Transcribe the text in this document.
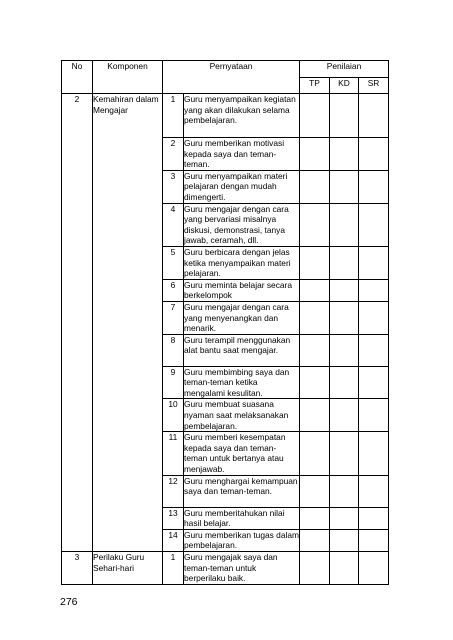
No	Komponen	Pernyataan		Penilaian		
				TP	KD	SR
2	Kemahiran dalam Mengajar	1	Guru menyampaikan kegiatan yang akan dilakukan selama pembelajaran.			
		2	Guru memberikan motivasi kepada saya dan teman-teman.			
		3	Guru menyampaikan materi pelajaran dengan mudah dimengerti.			
		4	Guru mengajar dengan cara yang bervariasi misalnya diskusi, demonstrasi, tanya jawab, ceramah, dll.			
		5	Guru berbicara dengan jelas ketika menyampaikan materi pelajaran.			
		6	Guru meminta belajar secara berkelompok			
		7	Guru mengajar dengan cara yang menyenangkan dan menarik.			
		8	Guru terampil menggunakan alat bantu saat mengajar.			
		9	Guru membimbing saya dan teman-teman ketika mengalami kesulitan.			
		10	Guru membuat suasana nyaman saat melaksanakan pembelajaran.			
		11	Guru memberi kesempatan kepada saya dan teman-teman untuk bertanya atau menjawab.			
		12	Guru menghargai kemampuan saya dan teman-teman.			
		13	Guru memberitahukan nilai hasil belajar.			
		14	Guru memberikan tugas dalam pembelajaran.			
3	Perilaku Guru Sehari-hari	1	Guru mengajak saya dan teman-teman untuk berperilaku baik.			
276
